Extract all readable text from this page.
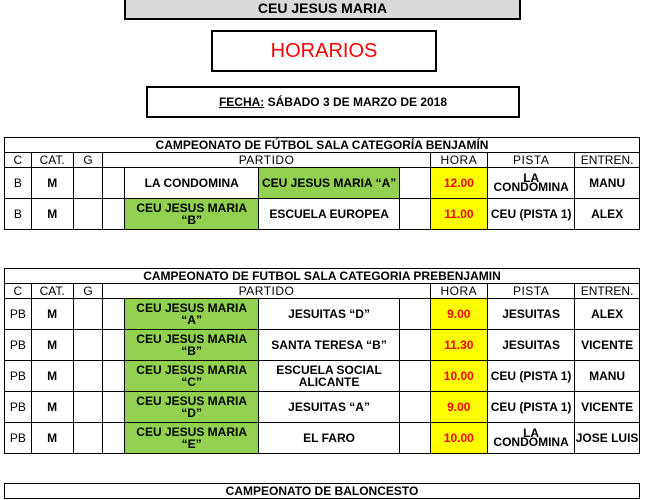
CEU JESUS MARIA
HORARIOS
FECHA: SÁBADO 3 DE MARZO DE 2018
CAMPEONATO DE FÚTBOL SALA CATEGORÍA BENJAMÍN									
C	CAT.	G	PARTIDO				HORA	PISTA	ENTREN.
B	M			LA CONDOMINA	CEU JESUS MARIA “A”		12.00	LA CONDOMINA	MANU
B	M			CEU JESUS MARIA “B”	ESCUELA EUROPEA		11.00	CEU (PISTA 1)	ALEX
CAMPEONATO DE FUTBOL SALA CATEGORIA PREBENJAMIN									
C	CAT.	G	PARTIDO				HORA	PISTA	ENTREN.
PB	M			CEU JESUS MARIA “A”	JESUITAS “D”		9.00	JESUITAS	ALEX
PB	M			CEU JESUS MARIA “B”	SANTA TERESA “B”		11.30	JESUITAS	VICENTE
PB	M			CEU JESUS MARIA “C”	ESCUELA SOCIAL ALICANTE		10.00	CEU (PISTA 1)	MANU
PB	M			CEU JESUS MARIA “D”	JESUITAS “A”		9.00	CEU (PISTA 1)	VICENTE
PB	M			CEU JESUS MARIA “E”	EL FARO		10.00	LA CONDOMINA	JOSE LUIS
CAMPEONATO DE BALONCESTO
